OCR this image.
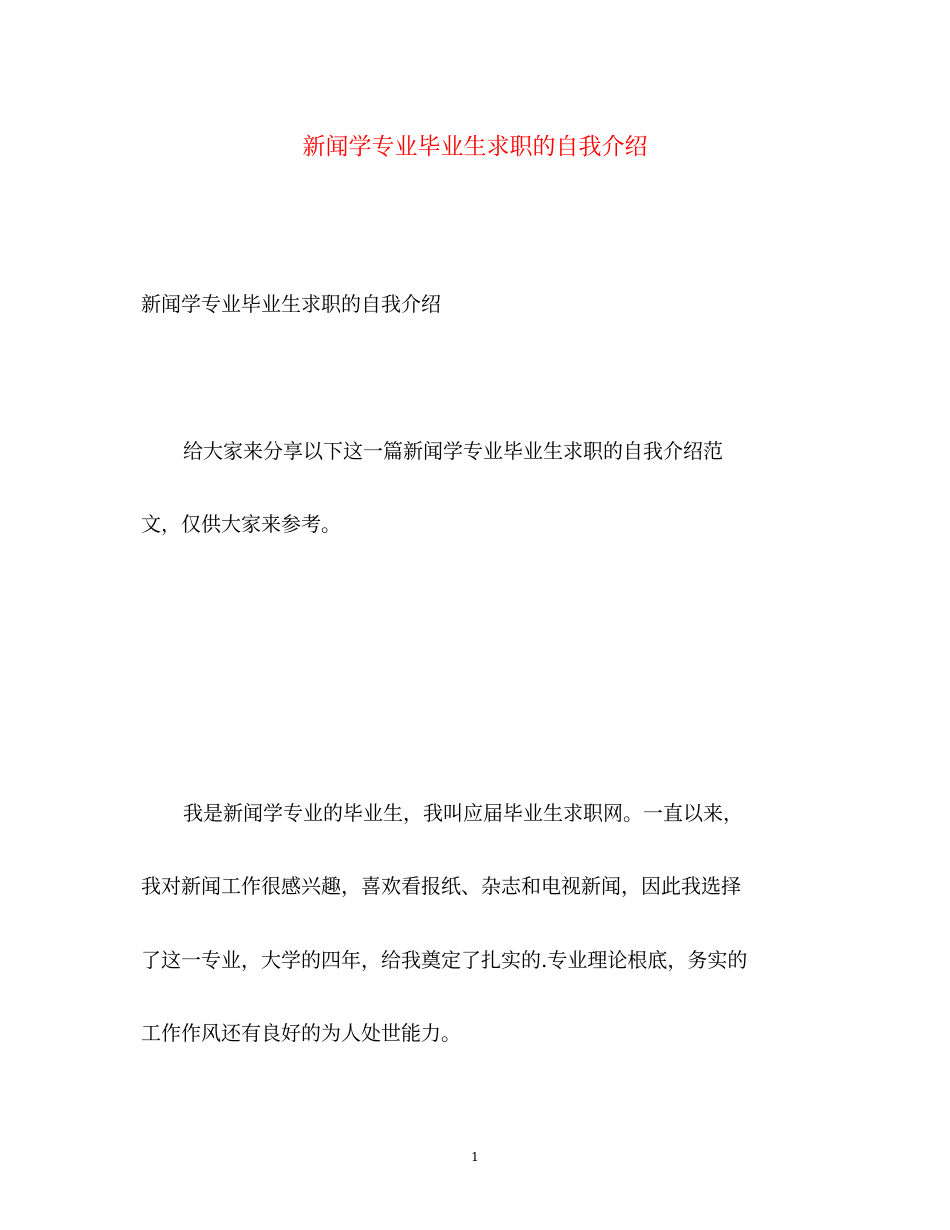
新闻学专业毕业生求职的自我介绍
新闻学专业毕业生求职的自我介绍
给大家来分享以下这一篇新闻学专业毕业生求职的自我介绍范
文，仅供大家来参考。
我是新闻学专业的毕业生，我叫应届毕业生求职网。一直以来，
我对新闻工作很感兴趣，喜欢看报纸、杂志和电视新闻，因此我选择
了这一专业，大学的四年，给我奠定了扎实的.专业理论根底，务实的
工作作风还有良好的为人处世能力。
1
